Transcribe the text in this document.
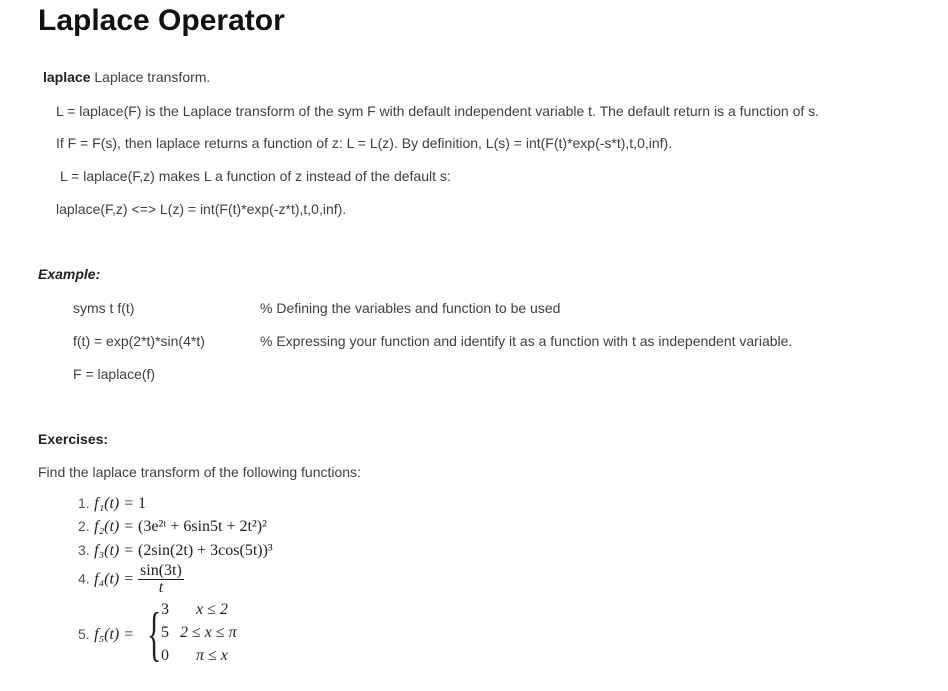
Laplace Operator
laplace Laplace transform.
L = laplace(F) is the Laplace transform of the sym F with default independent variable t. The default return is a function of s.
If F = F(s), then laplace returns a function of z: L = L(z). By definition, L(s) = int(F(t)*exp(-s*t),t,0,inf).
L = laplace(F,z) makes L a function of z instead of the default s:
laplace(F,z) <=> L(z) = int(F(t)*exp(-z*t),t,0,inf).
Example:
syms t f(t)	% Defining the variables and function to be used
f(t) = exp(2*t)*sin(4*t)	% Expressing your function and identify it as a function with t as independent variable.
F = laplace(f)
Exercises:
Find the laplace transform of the following functions:
1. f₁(t) = 1
2. f₂(t) = (3e²ᵗ + 6sin5t + 2t²)²
3. f₃(t) = (2sin(2t) + 3cos(5t))³
4. $f_4(t) = \frac{\sin(3t)}{t}$
5. f₅(t) = { 3 x ≤ 2
5 2 ≤ x ≤ π
0 π ≤ x
